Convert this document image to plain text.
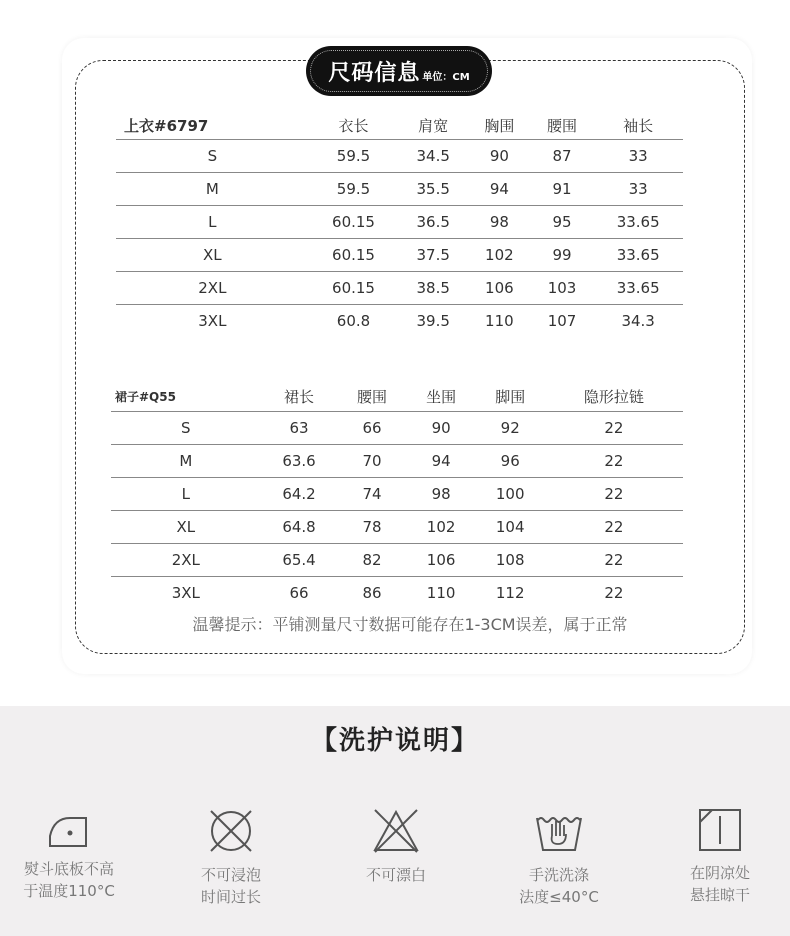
尺码信息 单位：CM
上衣#6797	衣长	肩宽	胸围	腰围	袖长
S	59.5	34.5	90	87	33
M	59.5	35.5	94	91	33
L	60.15	36.5	98	95	33.65
XL	60.15	37.5	102	99	33.65
2XL	60.15	38.5	106	103	33.65
3XL	60.8	39.5	110	107	34.3
裙子#Q55	裙长	腰围	坐围	脚围	隐形拉链
S	63	66	90	92	22
M	63.6	70	94	96	22
L	64.2	74	98	100	22
XL	64.8	78	102	104	22
2XL	65.4	82	106	108	22
3XL	66	86	110	112	22
温馨提示：平铺测量尺寸数据可能存在1-3CM误差，属于正常
【洗护说明】
熨斗底板不高
于温度110°C
不可浸泡
时间过长
不可漂白	手洗洗涤
法度≤40°C
在阴凉处
悬挂晾干
